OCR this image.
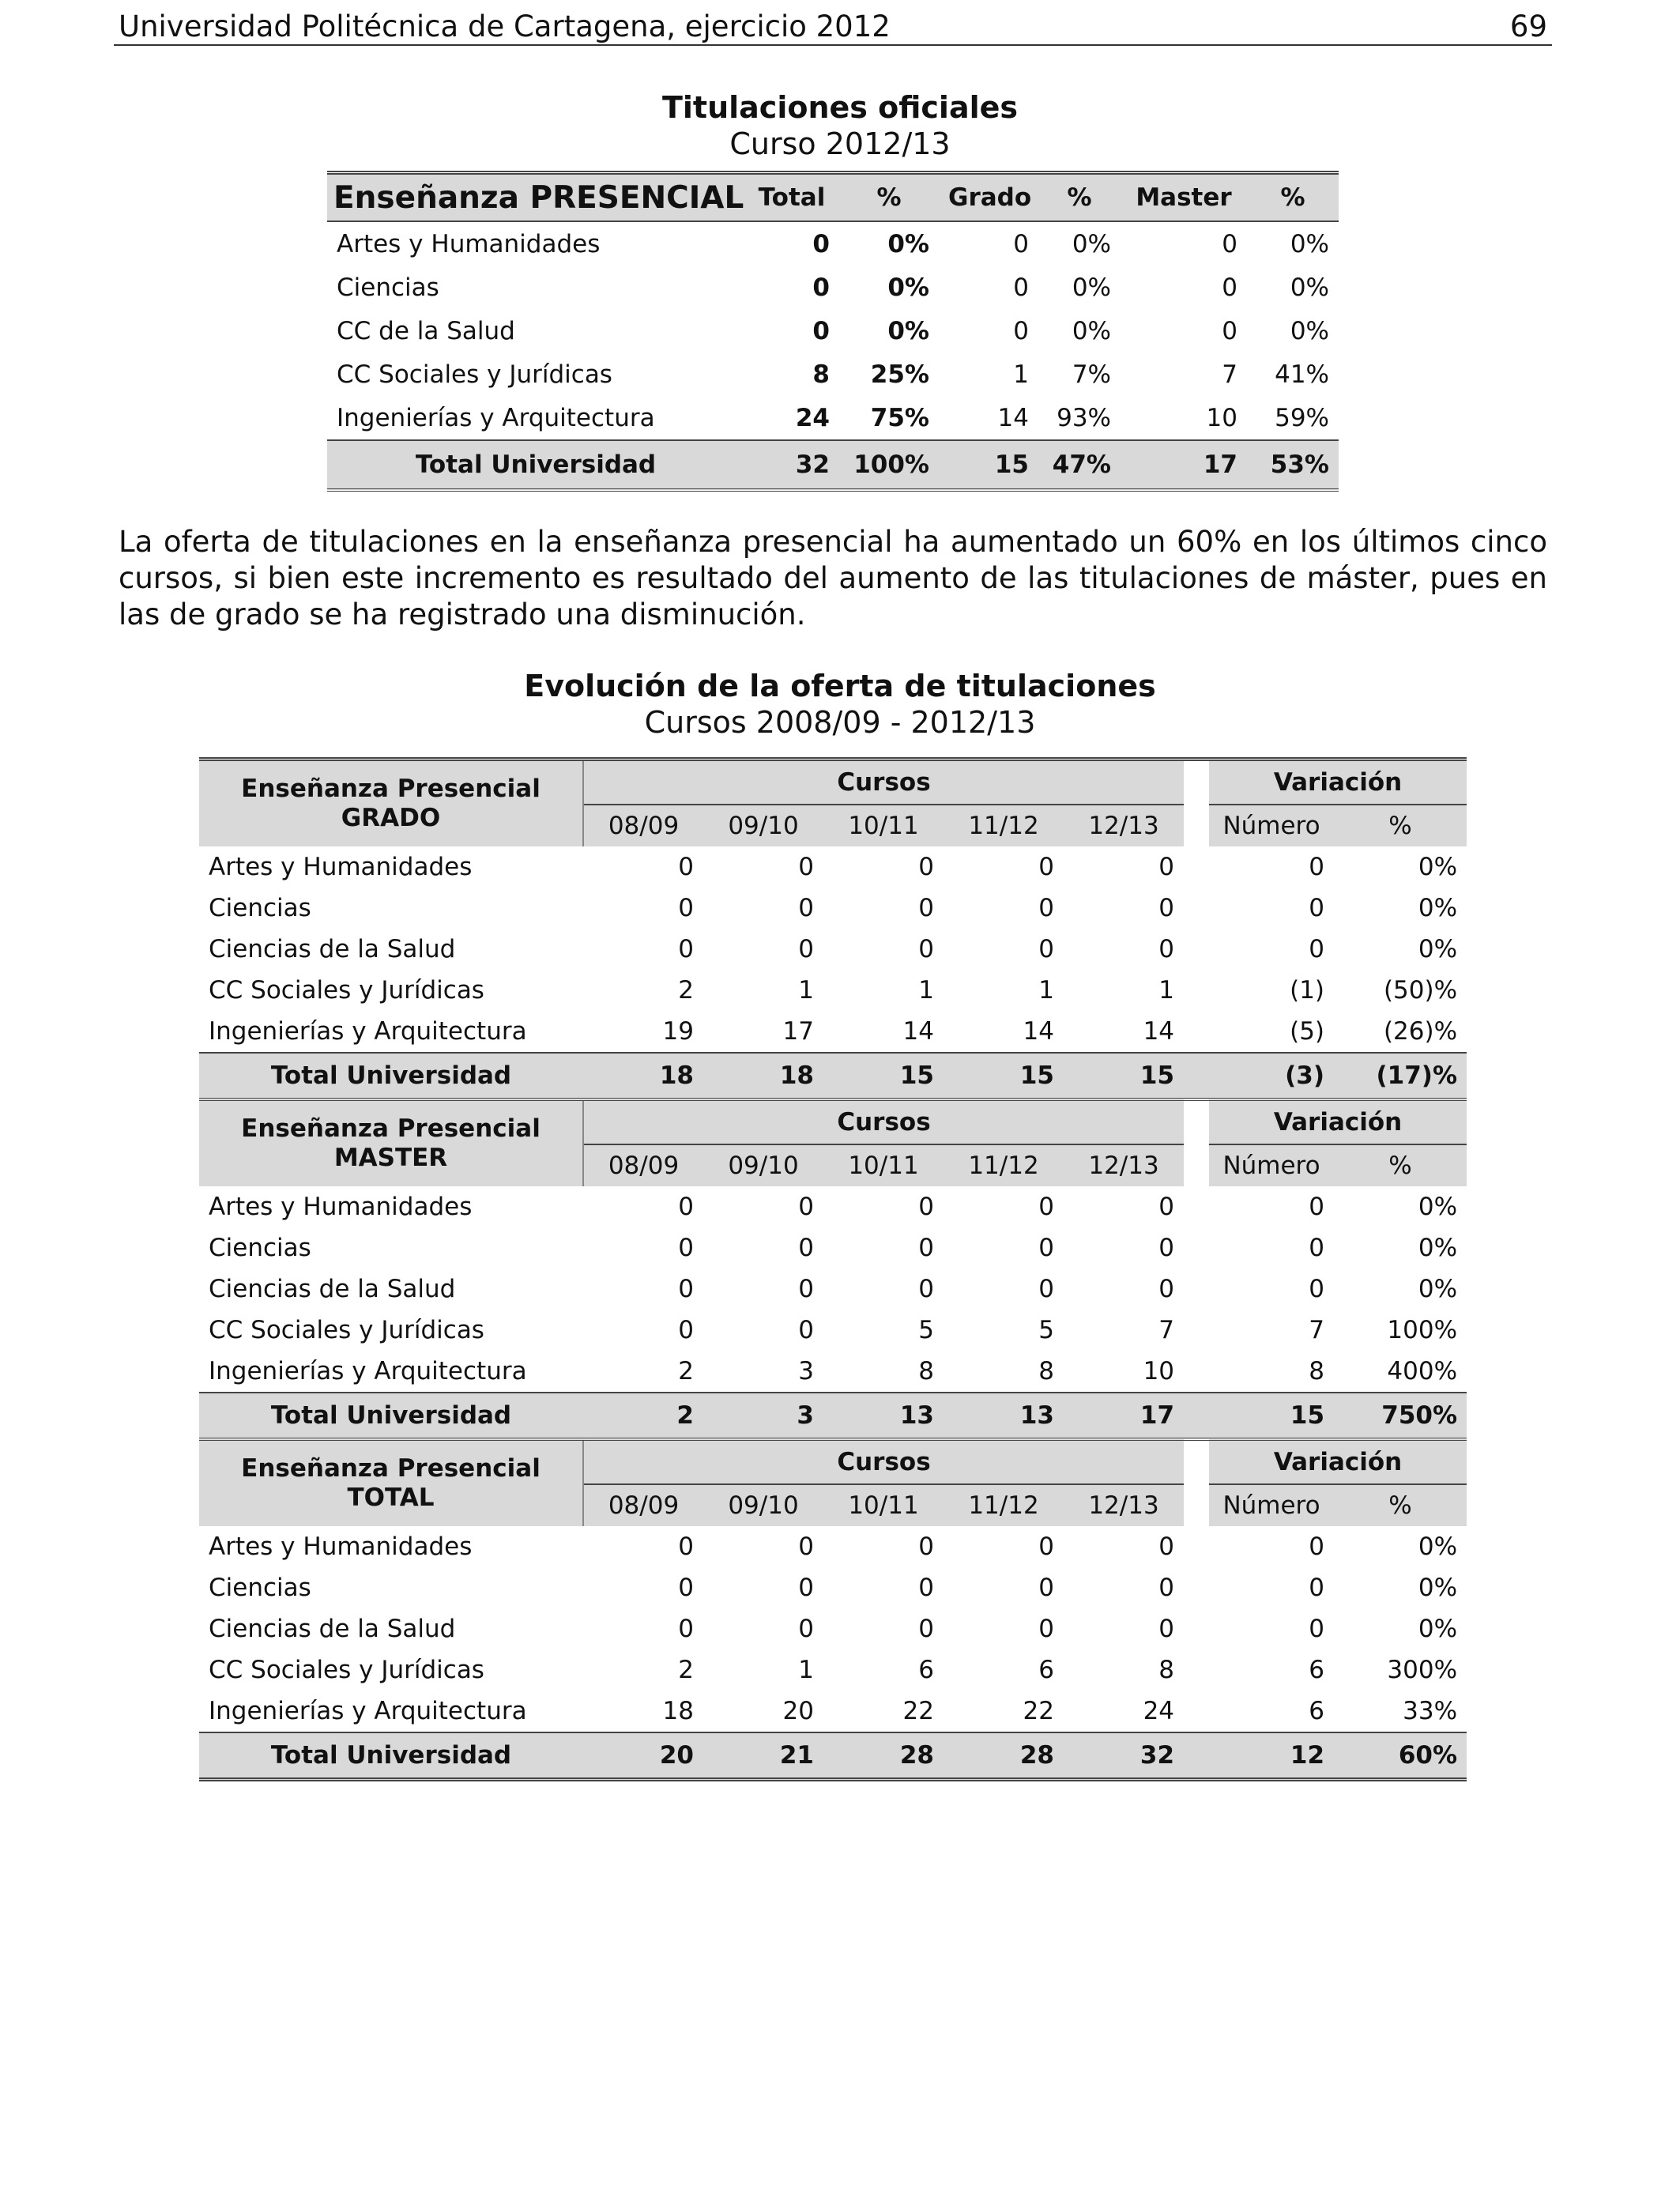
Universidad Politécnica de Cartagena, ejercicio 2012	69
Titulaciones oficiales
Curso 2012/13
Enseñanza PRESENCIAL	Total	%	Grado	%	Master	%
Artes y Humanidades	0	0%	0	0%	0	0%
Ciencias	0	0%	0	0%	0	0%
CC de la Salud	0	0%	0	0%	0	0%
CC Sociales y Jurídicas	8	25%	1	7%	7	41%
Ingenierías y Arquitectura	24	75%	14	93%	10	59%
Total Universidad	32	100%	15	47%	17	53%
La oferta de titulaciones en la enseñanza presencial ha aumentado un 60% en los últimos cinco cursos, si bien este incremento es resultado del aumento de las titulaciones de máster, pues en las de grado se ha registrado una disminución.
Evolución de la oferta de titulaciones
Cursos 2008/09 - 2012/13
Enseñanza Presencial
GRADO	Cursos						Variación	
	08/09	09/10	10/11	11/12	12/13		Número	%
Artes y Humanidades	0	0	0	0	0		0	0%
Ciencias	0	0	0	0	0		0	0%
Ciencias de la Salud	0	0	0	0	0		0	0%
CC Sociales y Jurídicas	2	1	1	1	1		(1)	(50)%
Ingenierías y Arquitectura	19	17	14	14	14		(5)	(26)%
Total Universidad	18	18	15	15	15		(3)	(17)%

Enseñanza Presencial
MASTER	Cursos						Variación	
	08/09	09/10	10/11	11/12	12/13		Número	%
Artes y Humanidades	0	0	0	0	0		0	0%
Ciencias	0	0	0	0	0		0	0%
Ciencias de la Salud	0	0	0	0	0		0	0%
CC Sociales y Jurídicas	0	0	5	5	7		7	100%
Ingenierías y Arquitectura	2	3	8	8	10		8	400%
Total Universidad	2	3	13	13	17		15	750%

Enseñanza Presencial
TOTAL	Cursos						Variación	
	08/09	09/10	10/11	11/12	12/13		Número	%
Artes y Humanidades	0	0	0	0	0		0	0%
Ciencias	0	0	0	0	0		0	0%
Ciencias de la Salud	0	0	0	0	0		0	0%
CC Sociales y Jurídicas	2	1	6	6	8		6	300%
Ingenierías y Arquitectura	18	20	22	22	24		6	33%
Total Universidad	20	21	28	28	32		12	60%
